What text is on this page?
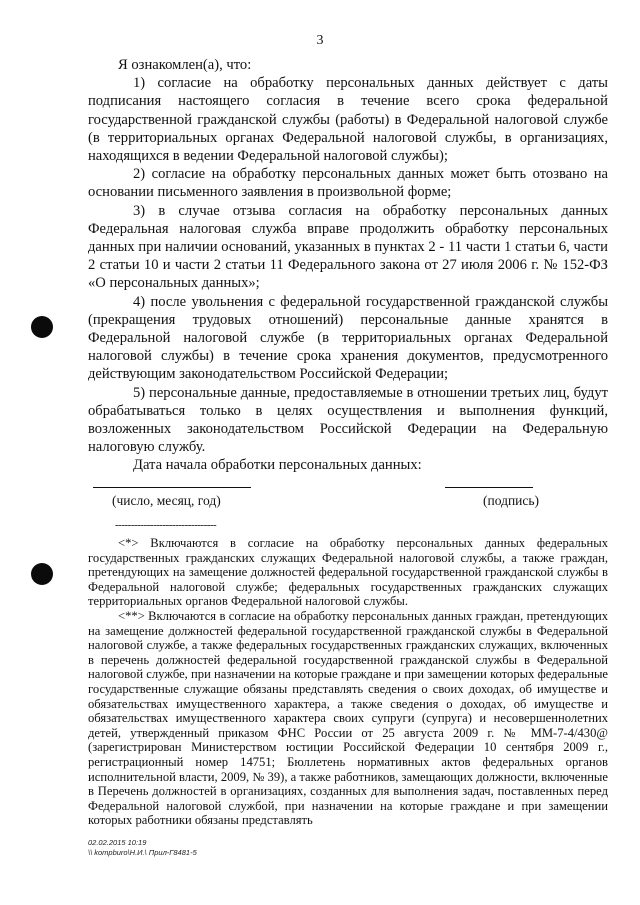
3

Я ознакомлен(а), что:

1) согласие на обработку персональных данных действует с даты подписания настоящего согласия в течение всего срока федеральной государственной гражданской службы (работы) в Федеральной налоговой службе (в территориальных органах Федеральной налоговой службы, в организациях, находящихся в ведении Федеральной налоговой службы);

2) согласие на обработку персональных данных может быть отозвано на основании письменного заявления в произвольной форме;

3) в случае отзыва согласия на обработку персональных данных Федеральная налоговая служба вправе продолжить обработку персональных данных при наличии оснований, указанных в пунктах 2 - 11 части 1 статьи 6, части 2 статьи 10 и части 2 статьи 11 Федерального закона от 27 июля 2006 г. № 152-ФЗ «О персональных данных»;

4) после увольнения с федеральной государственной гражданской службы (прекращения трудовых отношений) персональные данные хранятся в Федеральной налоговой службе (в территориальных органах Федеральной налоговой службы) в течение срока хранения документов, предусмотренного действующим законодательством Российской Федерации;

5) персональные данные, предоставляемые в отношении третьих лиц, будут обрабатываться только в целях осуществления и выполнения функций, возложенных законодательством Российской Федерации на Федеральную налоговую службу.

Дата начала обработки персональных данных:

(число, месяц, год)	(подпись)
--------------------------------

<*> Включаются в согласие на обработку персональных данных федеральных государственных гражданских служащих Федеральной налоговой службы, а также граждан, претендующих на замещение должностей федеральной государственной гражданской службы в Федеральной налоговой службе; федеральных государственных гражданских служащих территориальных органов Федеральной налоговой службы.

<**> Включаются в согласие на обработку персональных данных граждан, претендующих на замещение должностей федеральной государственной гражданской службы в Федеральной налоговой службе, а также федеральных государственных гражданских служащих, включенных в перечень должностей федеральной государственной гражданской службы в Федеральной налоговой службе, при назначении на которые граждане и при замещении которых федеральные государственные служащие обязаны представлять сведения о своих доходах, об имуществе и обязательствах имущественного характера, а также сведения о доходах, об имуществе и обязательствах имущественного характера своих супруги (супруга) и несовершеннолетних детей, утвержденный приказом ФНС России от 25 августа 2009 г. № ММ-7-4/430@ (зарегистрирован Министерством юстиции Российской Федерации 10 сентября 2009 г., регистрационный номер 14751; Бюллетень нормативных актов федеральных органов исполнительной власти, 2009, № 39), а также работников, замещающих должности, включенные в Перечень должностей в организациях, созданных для выполнения задач, поставленных перед Федеральной налоговой службой, при назначении на которые граждане и при замещении которых работники обязаны представлять

02.02.2015 10:19
\\ kompburo\Н.И.\ Прил-Г8481-5
